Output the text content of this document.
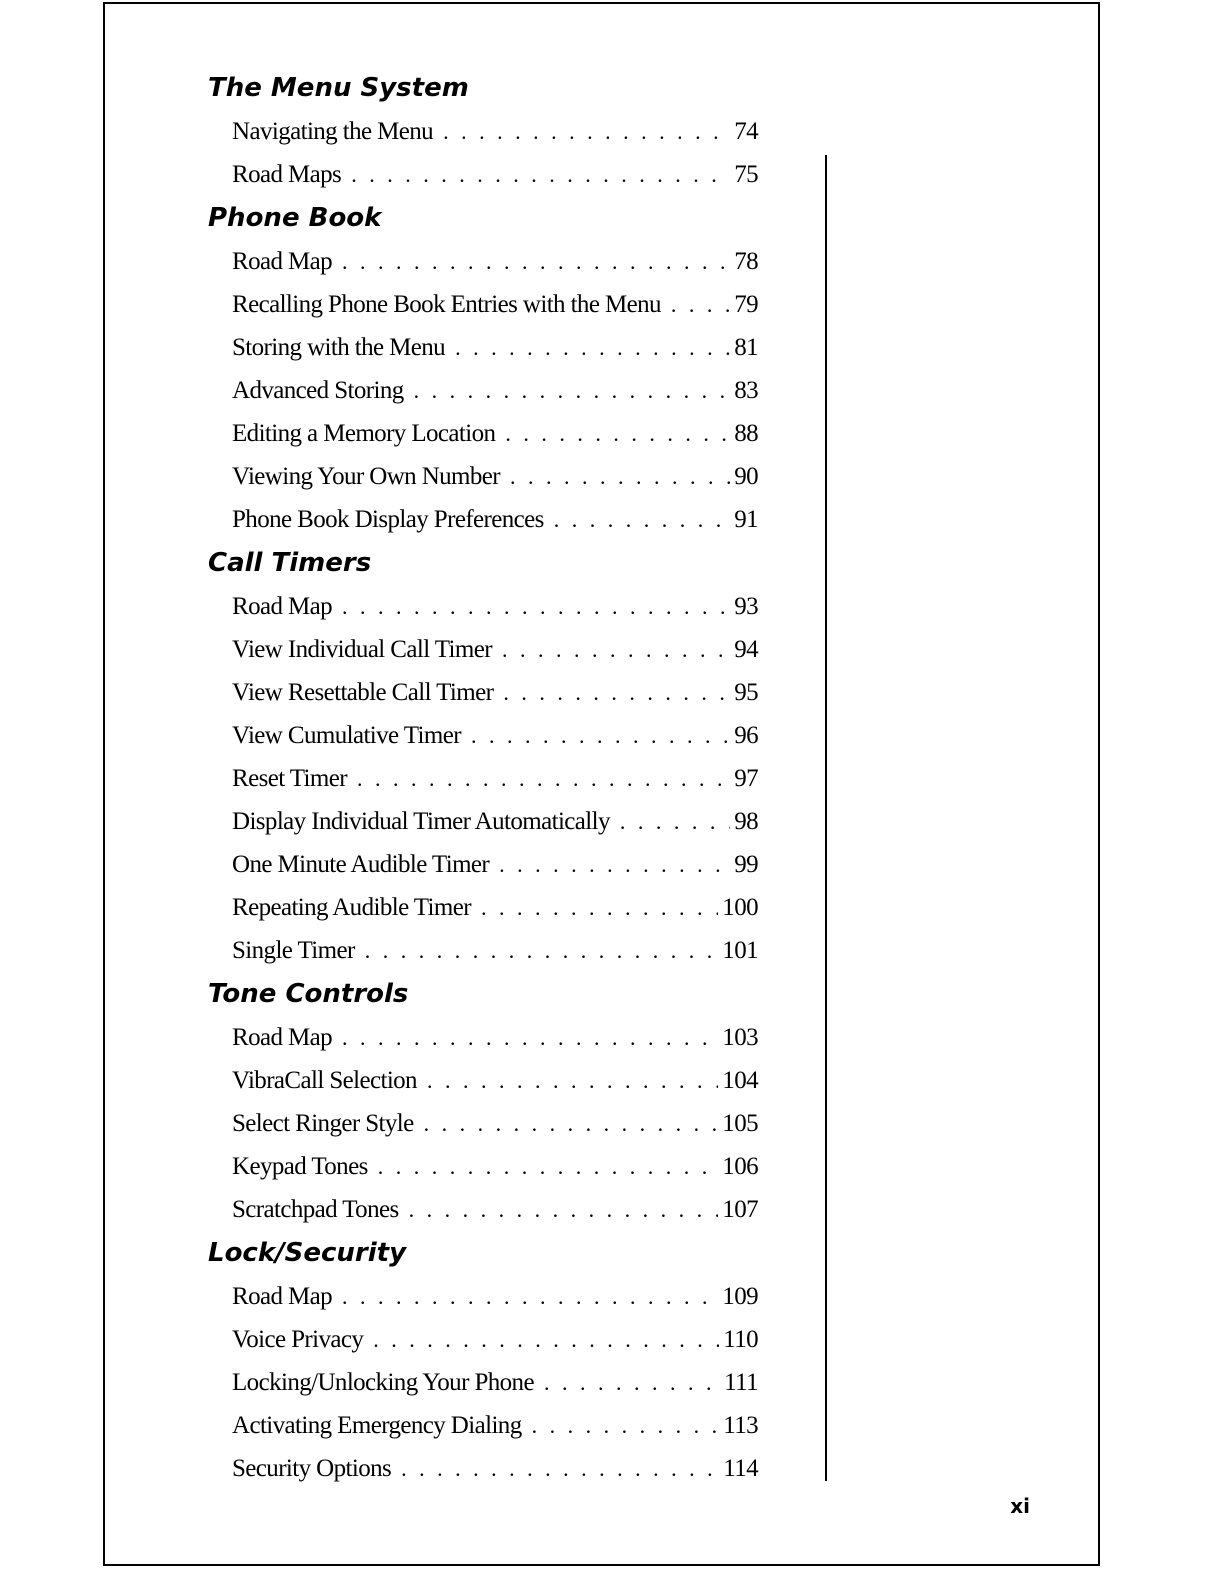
The Menu System
Navigating the Menu . . .	74
Road Maps . . .	75
Phone Book
Road Map . . .	78
Recalling Phone Book Entries with the Menu . . .	79
Storing with the Menu . . .	81
Advanced Storing . . .	83
Editing a Memory Location . . .	88
Viewing Your Own Number . . .	90
Phone Book Display Preferences . . .	91
Call Timers
Road Map . . .	93
View Individual Call Timer . . .	94
View Resettable Call Timer . . .	95
View Cumulative Timer . . .	96
Reset Timer . . .	97
Display Individual Timer Automatically . . .	98
One Minute Audible Timer . . .	99
Repeating Audible Timer . . .	100
Single Timer . . .	101
Tone Controls
Road Map . . .	103
VibraCall Selection . . .	104
Select Ringer Style . . .	105
Keypad Tones . . .	106
Scratchpad Tones . . .	107
Lock/Security
Road Map . . .	109
Voice Privacy . . .	110
Locking/Unlocking Your Phone . . .	111
Activating Emergency Dialing . . .	113
Security Options . . .	114
xi
